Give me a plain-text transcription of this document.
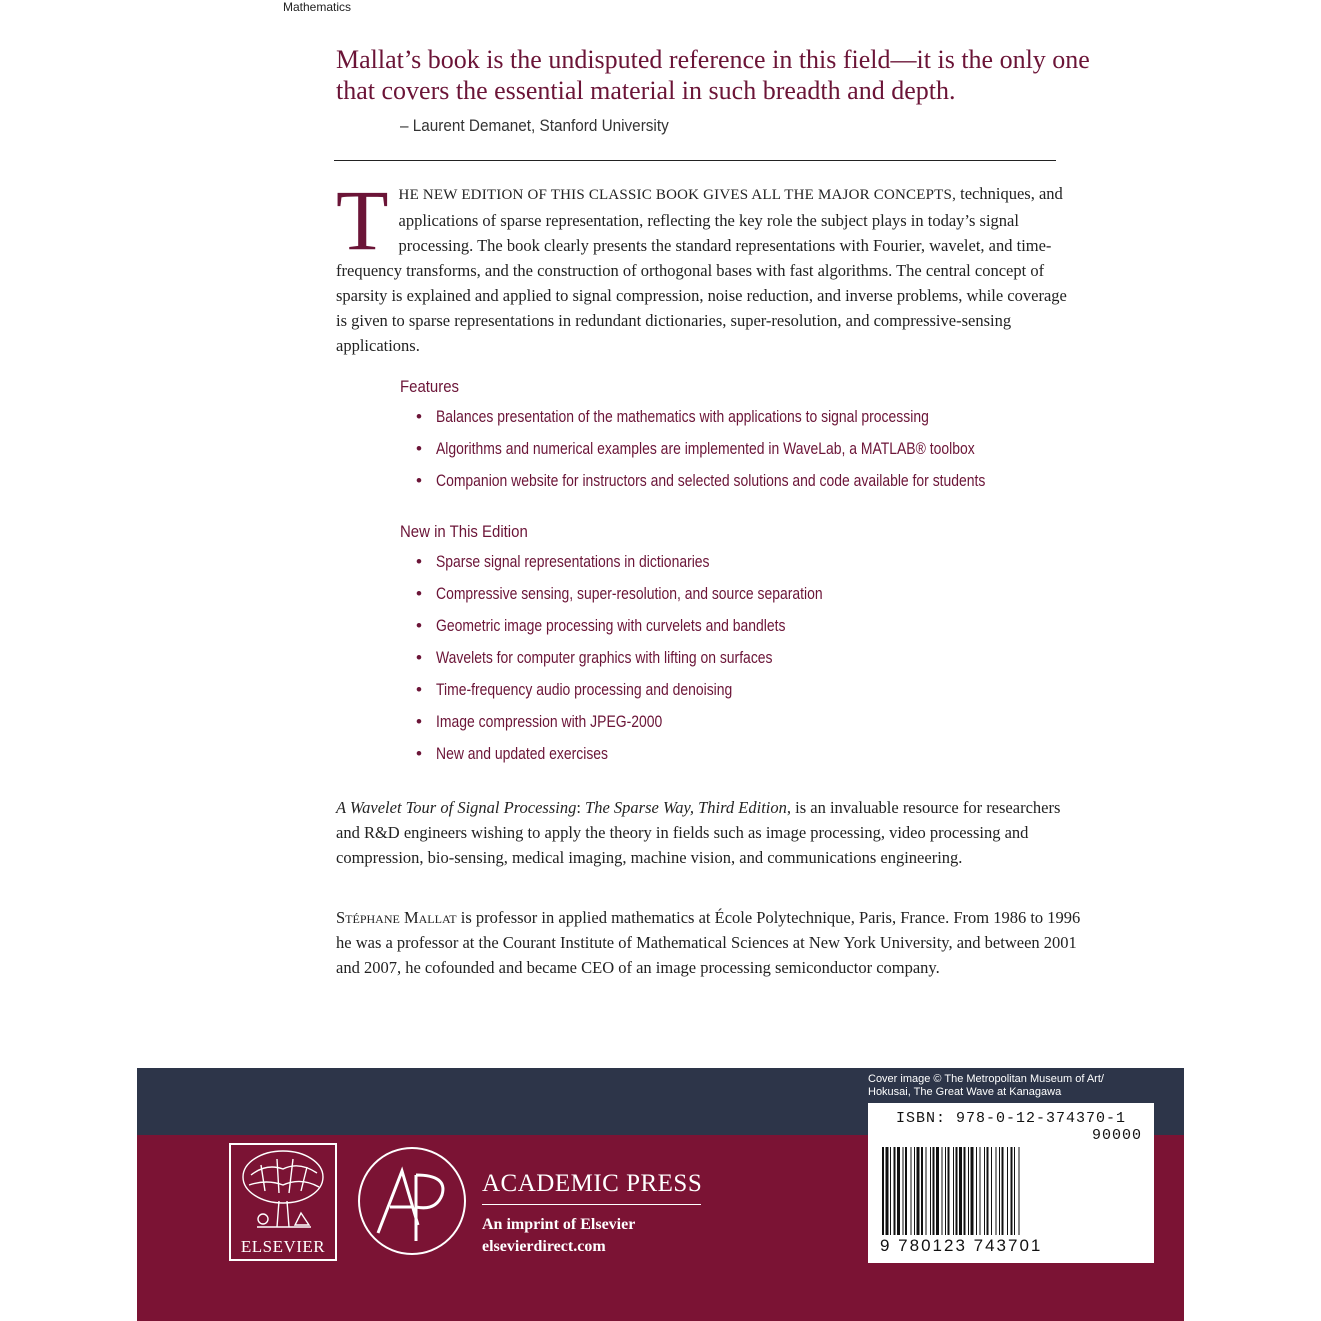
Mathematics
Mallat’s book is the undisputed reference in this field—it is the only one that covers the essential material in such breadth and depth.
– Laurent Demanet, Stanford University
THE NEW EDITION OF THIS CLASSIC BOOK GIVES ALL THE MAJOR CONCEPTS, techniques, and applications of sparse representation, reflecting the key role the subject plays in today’s signal processing. The book clearly presents the standard representations with Fourier, wavelet, and time-frequency transforms, and the construction of orthogonal bases with fast algorithms. The central concept of sparsity is explained and applied to signal compression, noise reduction, and inverse problems, while coverage is given to sparse representations in redundant dictionaries, super-resolution, and compressive-sensing applications.
Features
• Balances presentation of the mathematics with applications to signal processing
• Algorithms and numerical examples are implemented in WaveLab, a MATLAB® toolbox
• Companion website for instructors and selected solutions and code available for students
New in This Edition
• Sparse signal representations in dictionaries
• Compressive sensing, super-resolution, and source separation
• Geometric image processing with curvelets and bandlets
• Wavelets for computer graphics with lifting on surfaces
• Time-frequency audio processing and denoising
• Image compression with JPEG-2000
• New and updated exercises
A Wavelet Tour of Signal Processing: The Sparse Way, Third Edition, is an invaluable resource for researchers and R&D engineers wishing to apply the theory in fields such as image processing, video processing and compression, bio-sensing, medical imaging, machine vision, and communications engineering.
Stéphane Mallat is professor in applied mathematics at École Polytechnique, Paris, France. From 1986 to 1996 he was a professor at the Courant Institute of Mathematical Sciences at New York University, and between 2001 and 2007, he cofounded and became CEO of an image processing semiconductor company.
Cover image © The Metropolitan Museum of Art/
Hokusai, The Great Wave at Kanagawa
ISBN: 978-0-12-374370-1
90000
9 780123 743701
ELSEVIER
ACADEMIC PRESS
An imprint of Elsevier
elsevierdirect.com
